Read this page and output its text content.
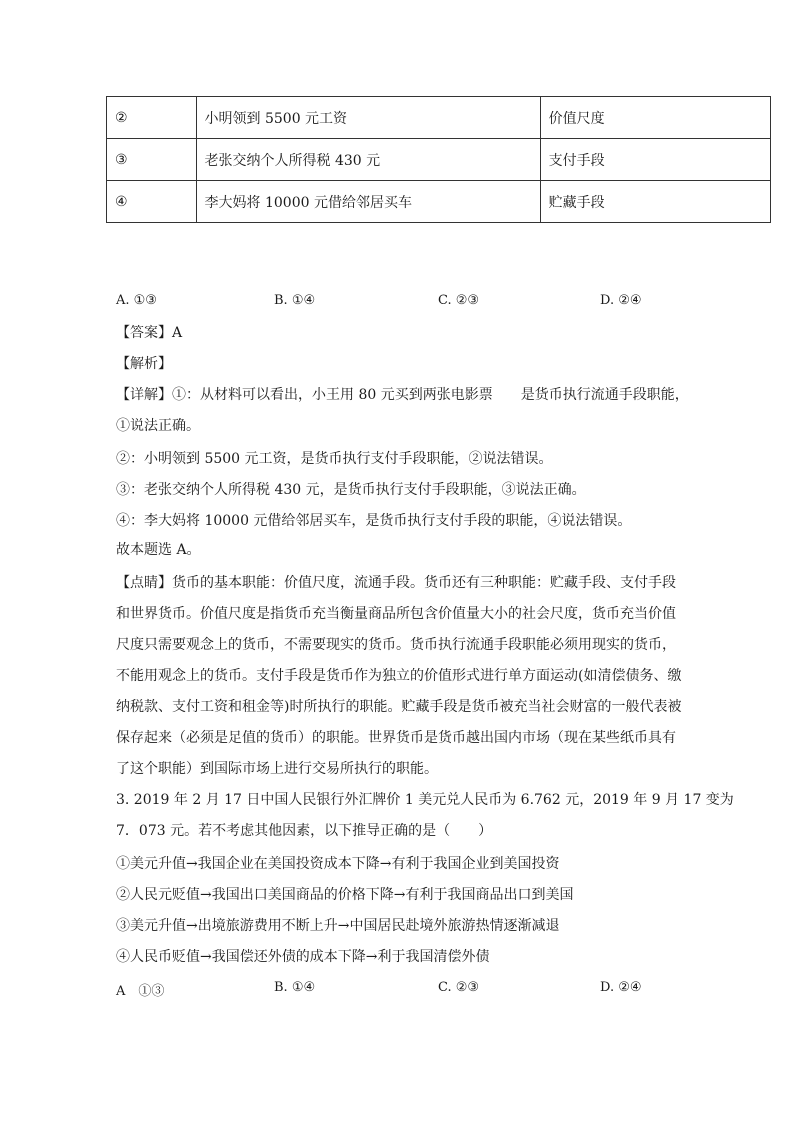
②	小明领到 5500 元工资	价值尺度
③	老张交纳个人所得税 430 元	支付手段
④	李大妈将 10000 元借给邻居买车	贮藏手段
A. ①③	B. ①④	C. ②③	D. ②④
【答案】A
【解析】
【详解】①：从材料可以看出，小王用 80 元买到两张电影票　　是货币执行流通手段职能，
①说法正确。
②：小明领到 5500 元工资，是货币执行支付手段职能，②说法错误。
③：老张交纳个人所得税 430 元，是货币执行支付手段职能，③说法正确。
④：李大妈将 10000 元借给邻居买车，是货币执行支付手段的职能，④说法错误。
故本题选 A。
【点睛】货币的基本职能：价值尺度，流通手段。货币还有三种职能：贮藏手段、支付手段
和世界货币。价值尺度是指货币充当衡量商品所包含价值量大小的社会尺度，货币充当价值
尺度只需要观念上的货币，不需要现实的货币。货币执行流通手段职能必须用现实的货币，
不能用观念上的货币。支付手段是货币作为独立的价值形式进行单方面运动(如清偿债务、缴
纳税款、支付工资和租金等)时所执行的职能。贮藏手段是货币被充当社会财富的一般代表被
保存起来（必须是足值的货币）的职能。世界货币是货币越出国内市场（现在某些纸币具有
了这个职能）到国际市场上进行交易所执行的职能。
3. 2019 年 2 月 17 日中国人民银行外汇牌价 1 美元兑人民币为 6.762 元，2019 年 9 月 17 变为
7．073 元。若不考虑其他因素，以下推导正确的是（　　）
①美元升值→我国企业在美国投资成本下降→有利于我国企业到美国投资
②人民元贬值→我国出口美国商品的价格下降→有利于我国商品出口到美国
③美元升值→出境旅游费用不断上升→中国居民赴境外旅游热情逐渐减退
④人民币贬值→我国偿还外债的成本下降→利于我国清偿外债
A　①③	B. ①④	C. ②③	D. ②④
